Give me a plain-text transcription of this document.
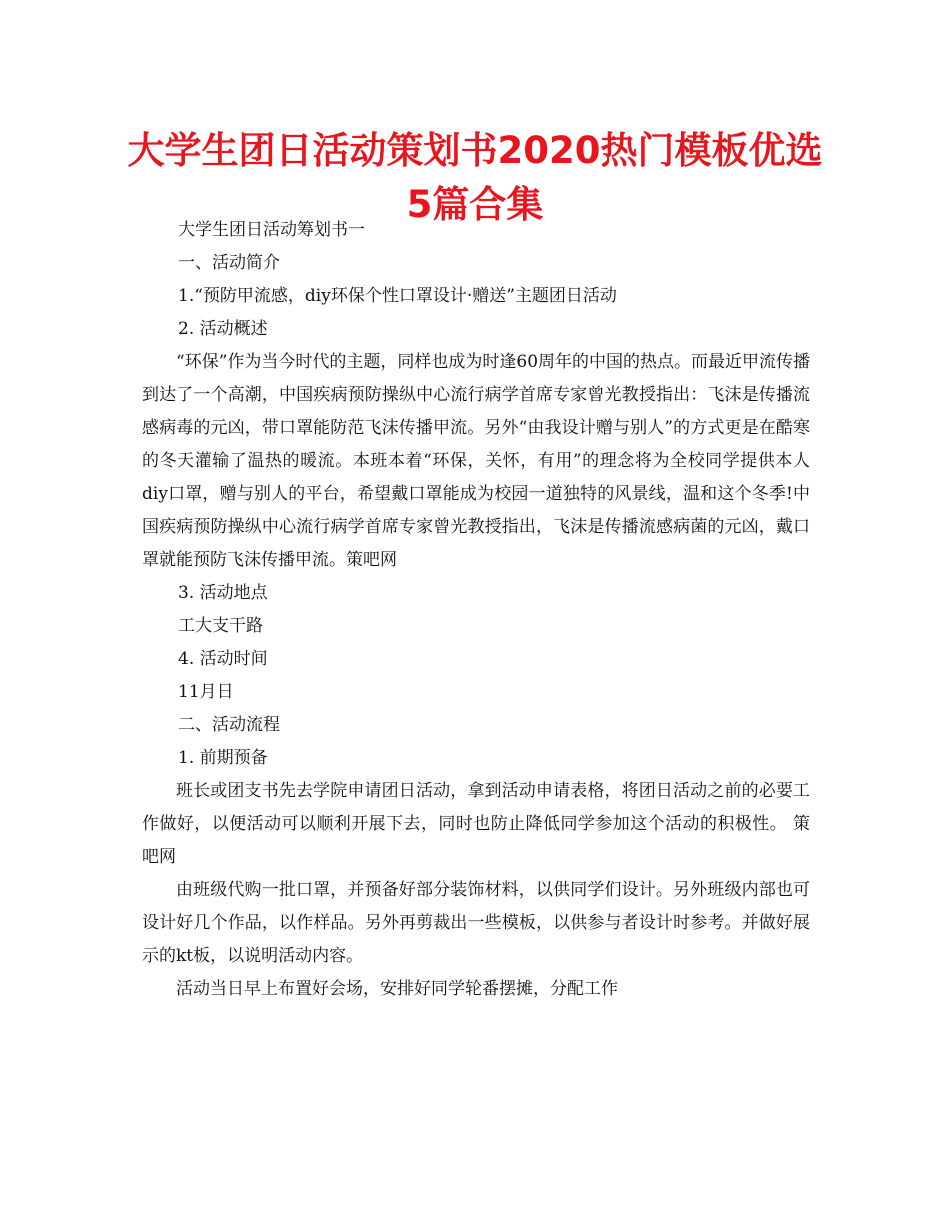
大学生团日活动策划书2020热门模板优选5篇合集

大学生团日活动筹划书一

一、活动简介

1.“预防甲流感，diy环保个性口罩设计·赠送”主题团日活动

2. 活动概述

“环保”作为当今时代的主题，同样也成为时逢60周年的中国的热点。而最近甲流传播到达了一个高潮，中国疾病预防操纵中心流行病学首席专家曾光教授指出：飞沫是传播流感病毒的元凶，带口罩能防范飞沫传播甲流。另外“由我设计赠与别人”的方式更是在酷寒的冬天灌输了温热的暖流。本班本着“环保，关怀，有用”的理念将为全校同学提供本人diy口罩，赠与别人的平台，希望戴口罩能成为校园一道独特的风景线，温和这个冬季!中国疾病预防操纵中心流行病学首席专家曾光教授指出，飞沫是传播流感病菌的元凶，戴口罩就能预防飞沫传播甲流。策吧网

3. 活动地点

工大支干路

4. 活动时间

11月日

二、活动流程

1. 前期预备

班长或团支书先去学院申请团日活动，拿到活动申请表格，将团日活动之前的必要工作做好，以便活动可以顺利开展下去，同时也防止降低同学参加这个活动的积极性。 策吧网

由班级代购一批口罩，并预备好部分装饰材料，以供同学们设计。另外班级内部也可设计好几个作品，以作样品。另外再剪裁出一些模板，以供参与者设计时参考。并做好展示的kt板，以说明活动内容。

活动当日早上布置好会场，安排好同学轮番摆摊，分配工作
